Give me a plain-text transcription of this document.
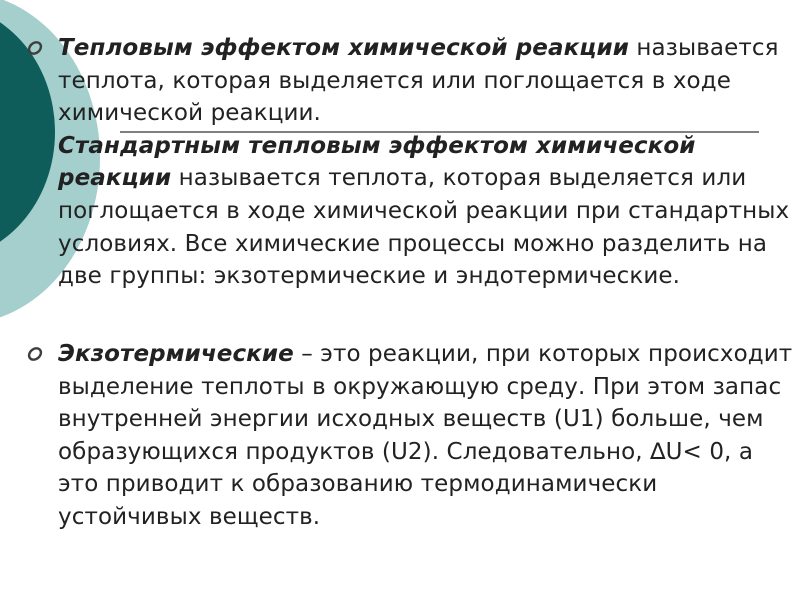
Тепловым эффектом химической реакции называется теплота, которая выделяется или поглощается в ходе химической реакции.
Стандартным тепловым эффектом химической реакции называется теплота, которая выделяется или поглощается в ходе химической реакции при стандартных условиях. Все химические процессы можно разделить на две группы: экзотермические и эндотермические.

Экзотермические – это реакции, при которых происходит выделение теплоты в окружающую среду. При этом запас внутренней энергии исходных веществ (U1) больше, чем образующихся продуктов (U2). Следовательно, ∆U< 0, а это приводит к образованию термодинамически устойчивых веществ.
